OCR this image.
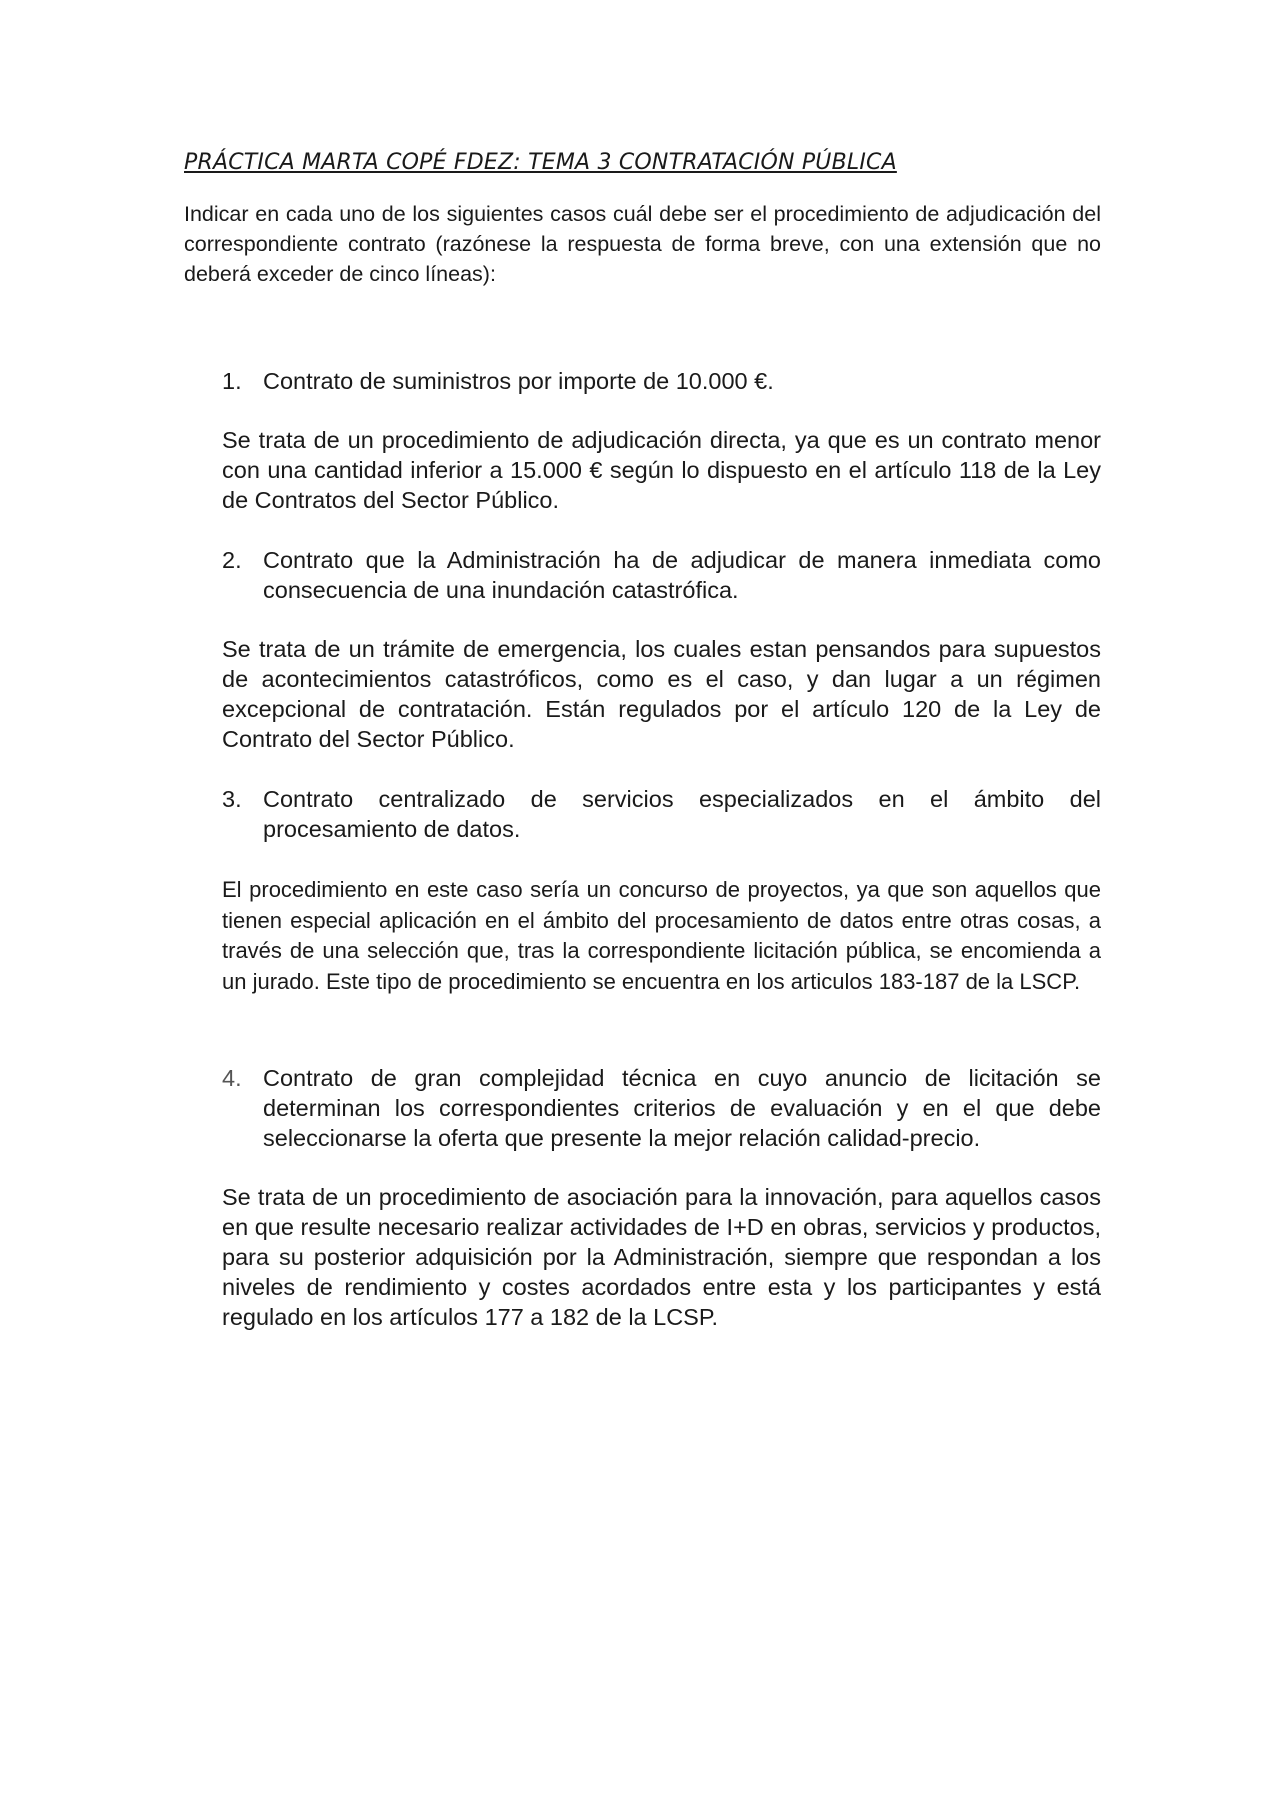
PRÁCTICA MARTA COPÉ FDEZ: TEMA 3 CONTRATACIÓN PÚBLICA
Indicar en cada uno de los siguientes casos cuál debe ser el procedimiento de adjudicación del correspondiente contrato (razónese la respuesta de forma breve, con una extensión que no deberá exceder de cinco líneas):
1. Contrato de suministros por importe de 10.000 €.
Se trata de un procedimiento de adjudicación directa, ya que es un contrato menor con una cantidad inferior a 15.000 € según lo dispuesto en el artículo 118 de la Ley de Contratos del Sector Público.
2. Contrato que la Administración ha de adjudicar de manera inmediata como consecuencia de una inundación catastrófica.
Se trata de un trámite de emergencia, los cuales estan pensandos para supuestos de acontecimientos catastróficos, como es el caso, y dan lugar a un régimen excepcional de contratación. Están regulados por el artículo 120 de la Ley de Contrato del Sector Público.
3. Contrato centralizado de servicios especializados en el ámbito del procesamiento de datos.
El procedimiento en este caso sería un concurso de proyectos, ya que son aquellos que tienen especial aplicación en el ámbito del procesamiento de datos entre otras cosas, a través de una selección que, tras la correspondiente licitación pública, se encomienda a un jurado. Este tipo de procedimiento se encuentra en los articulos 183-187 de la LSCP.
4. Contrato de gran complejidad técnica en cuyo anuncio de licitación se determinan los correspondientes criterios de evaluación y en el que debe seleccionarse la oferta que presente la mejor relación calidad-precio.
Se trata de un procedimiento de asociación para la innovación, para aquellos casos en que resulte necesario realizar actividades de I+D en obras, servicios y productos, para su posterior adquisición por la Administración, siempre que respondan a los niveles de rendimiento y costes acordados entre esta y los participantes y está regulado en los artículos 177 a 182 de la LCSP.
